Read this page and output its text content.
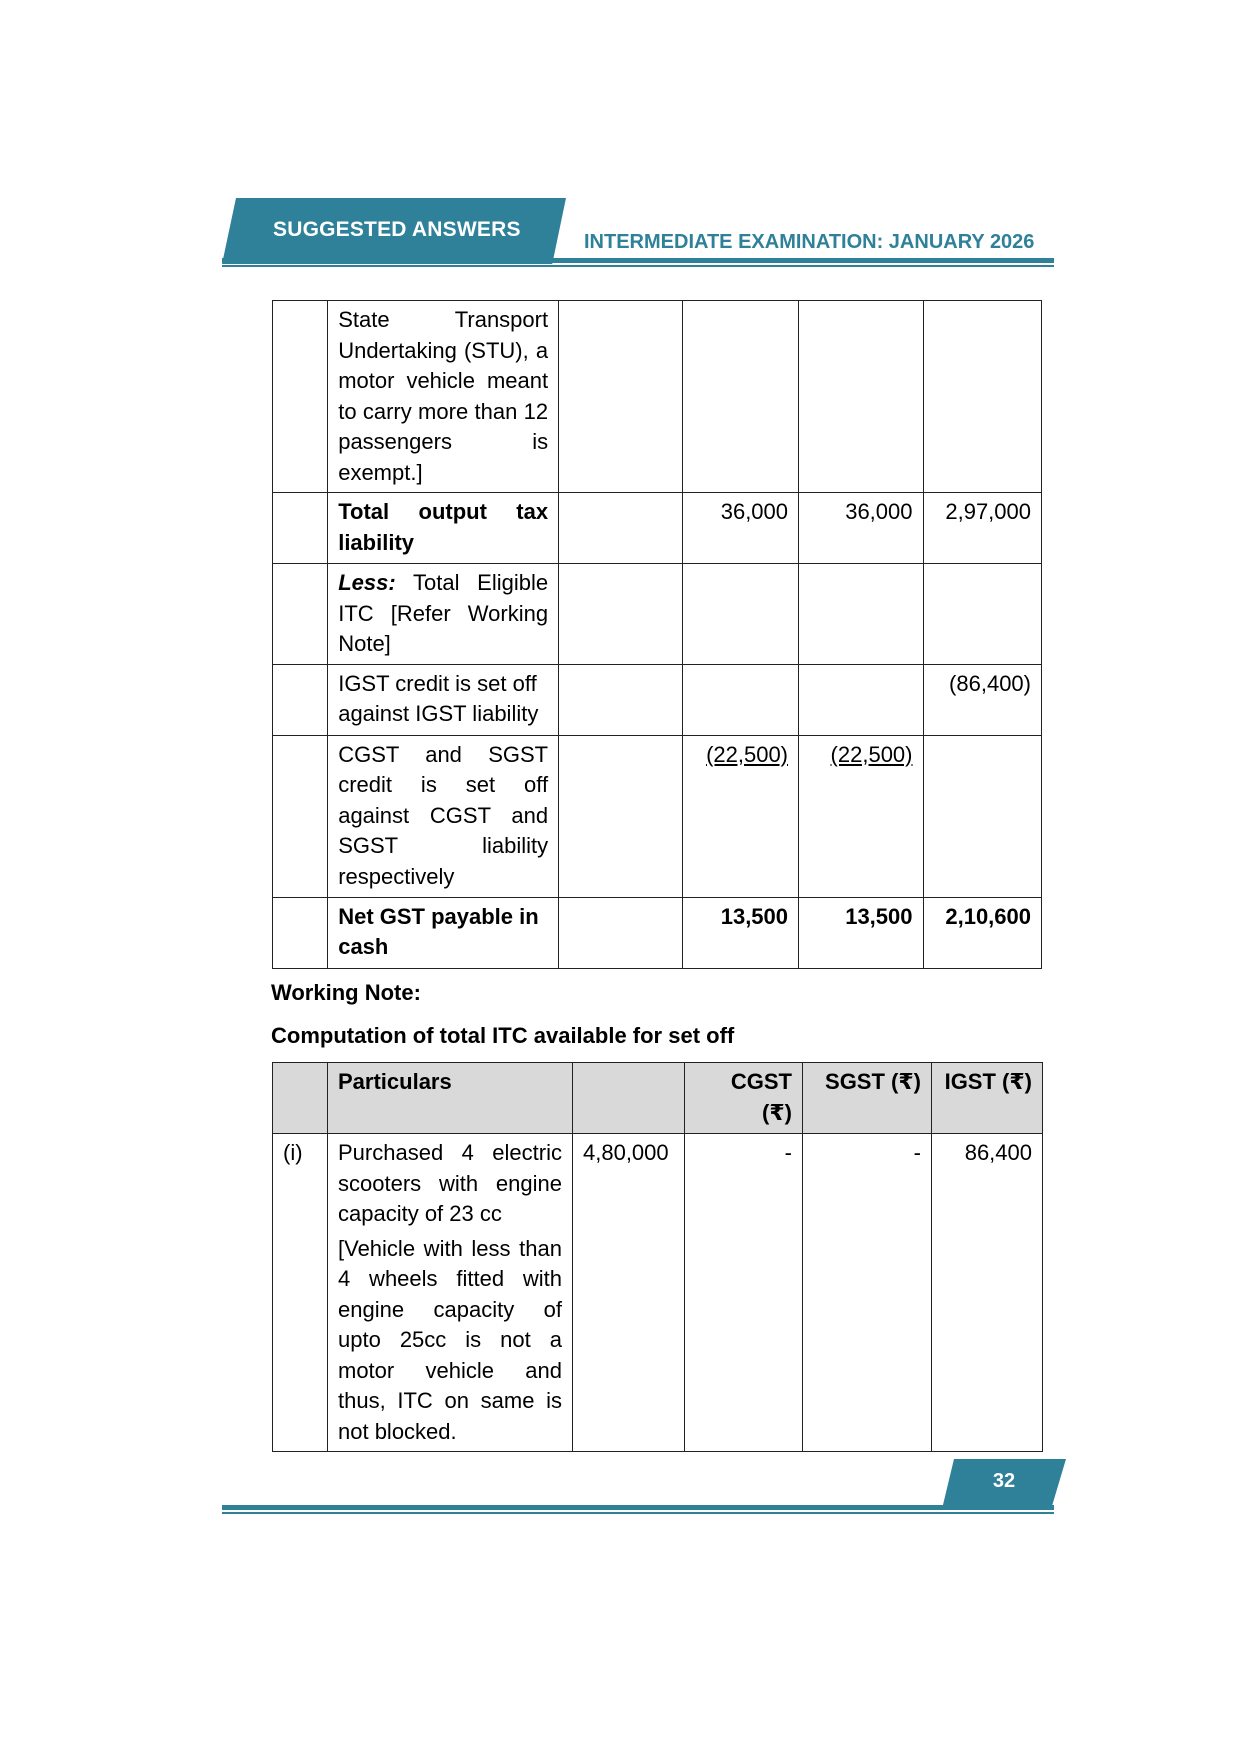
SUGGESTED ANSWERS
INTERMEDIATE EXAMINATION: JANUARY 2026
	State Transport Undertaking (STU), a motor vehicle meant to carry more than 12 passengers is exempt.]				
	Total output tax liability		36,000	36,000	2,97,000
	Less: Total Eligible ITC [Refer Working Note]				
	IGST credit is set off against IGST liability				(86,400)
	CGST and SGST credit is set off against CGST and SGST liability respectively		(22,500)	(22,500)	
	Net GST payable in cash		13,500	13,500	2,10,600
Working Note:
Computation of total ITC available for set off
	Particulars		CGST (₹)	SGST (₹)	IGST (₹)
(i)	Purchased 4 electric scooters with engine capacity of 23 cc
[Vehicle with less than 4 wheels fitted with engine capacity of upto 25cc is not a motor vehicle and thus, ITC on same is not blocked.	4,80,000	-	-	86,400
32
